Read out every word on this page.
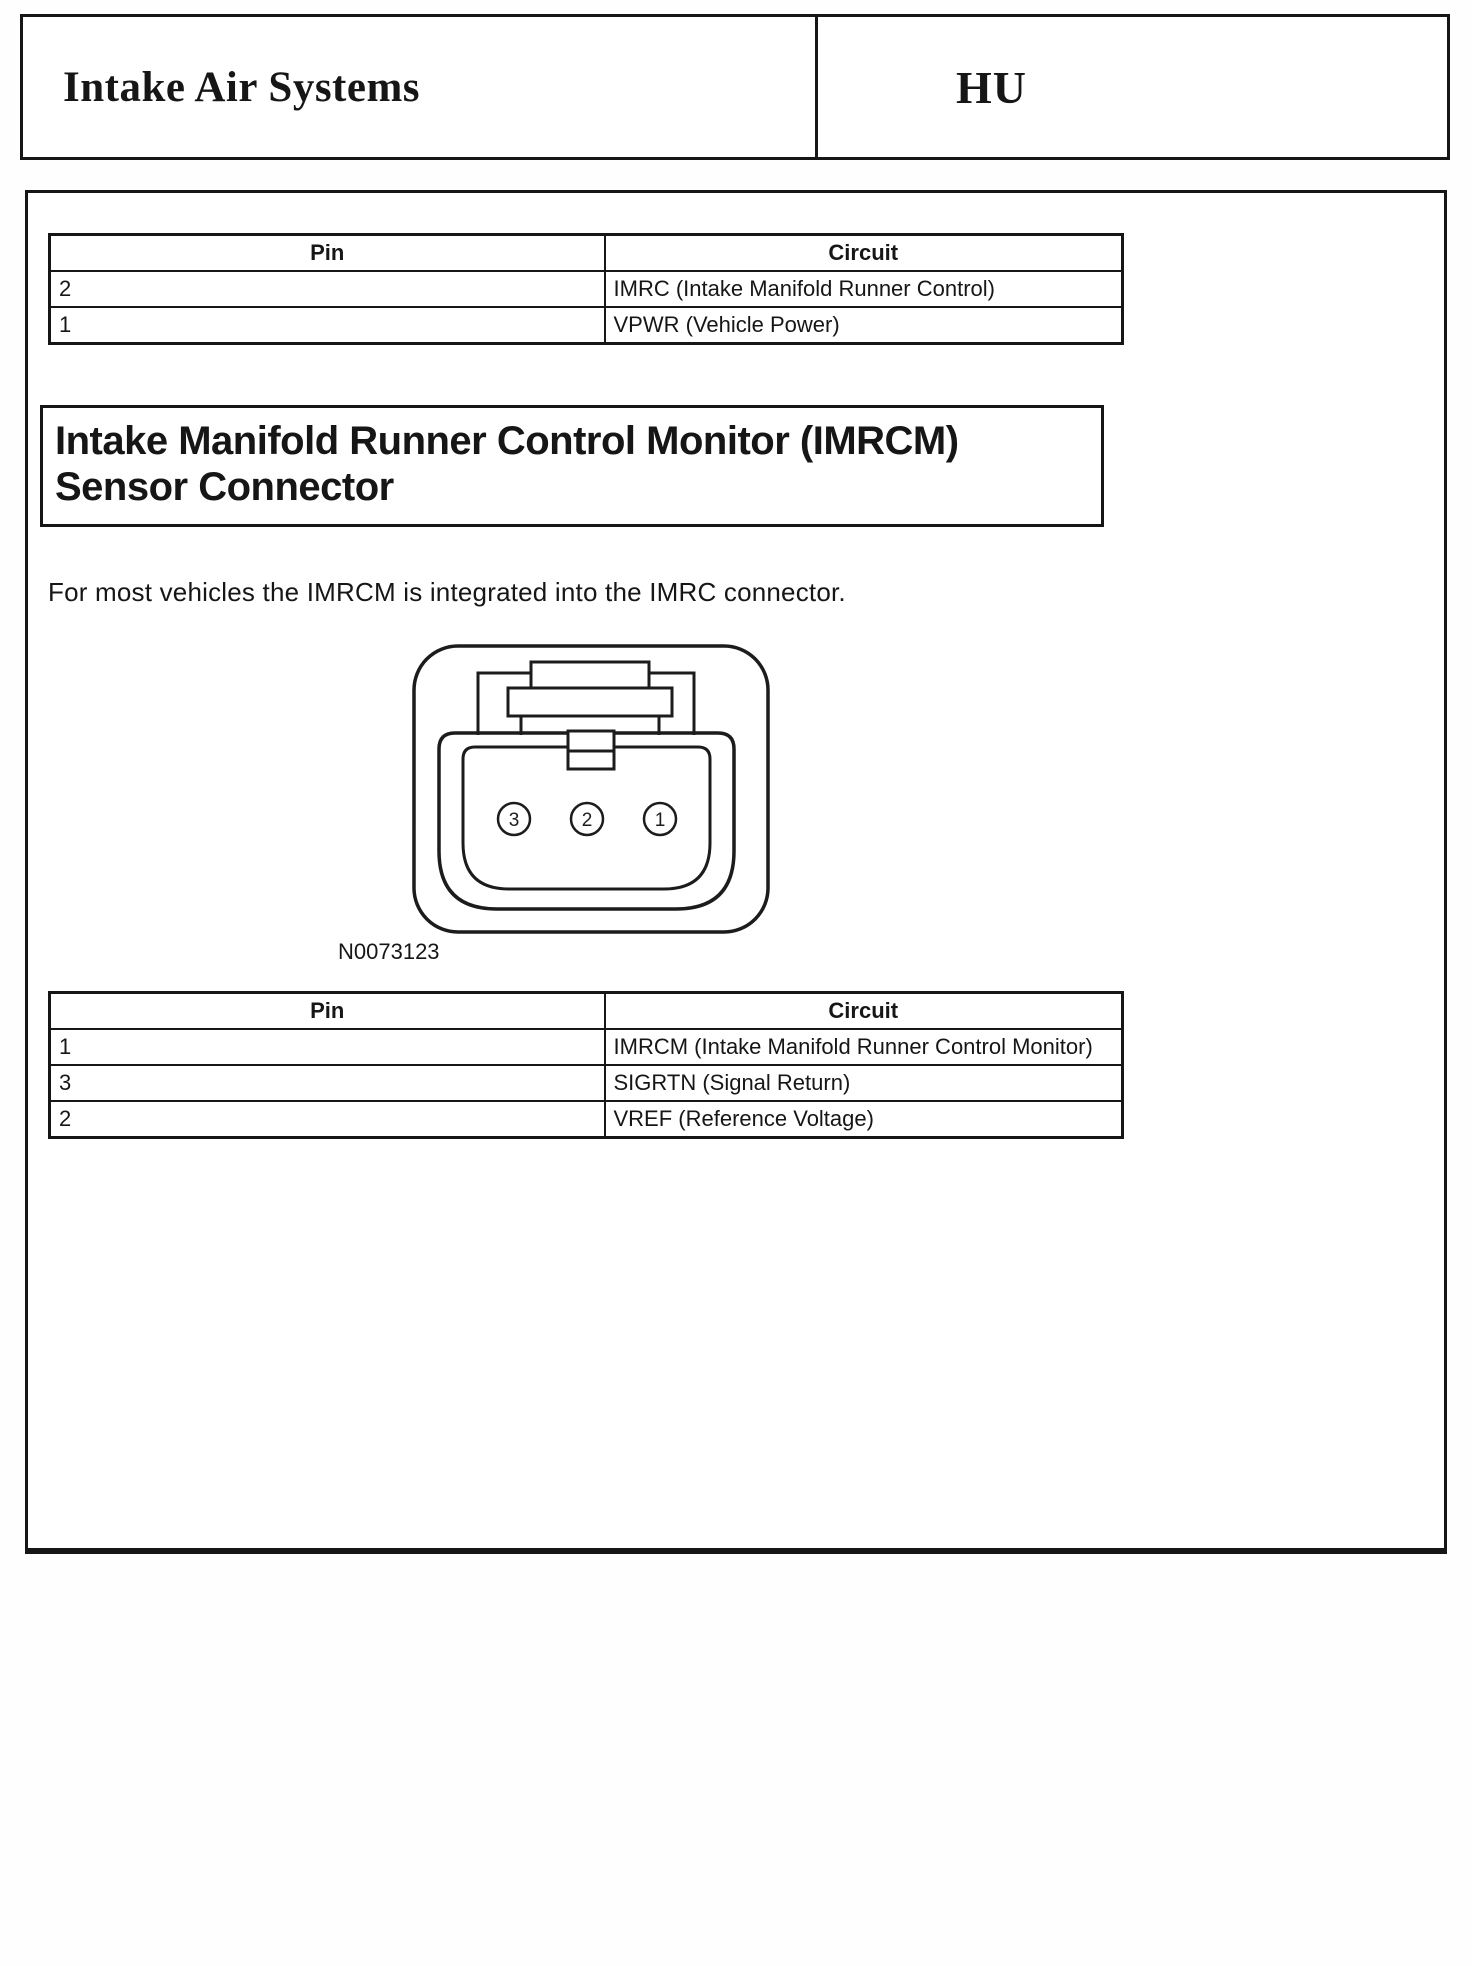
Intake Air Systems	HU
Pin	Circuit
2	IMRC (Intake Manifold Runner Control)
1	VPWR (Vehicle Power)
Intake Manifold Runner Control Monitor (IMRCM)
Sensor Connector

For most vehicles the IMRCM is integrated into the IMRC connector.

3	2	1
N0073123
Pin	Circuit
1	IMRCM (Intake Manifold Runner Control Monitor)
3	SIGRTN (Signal Return)
2	VREF (Reference Voltage)
